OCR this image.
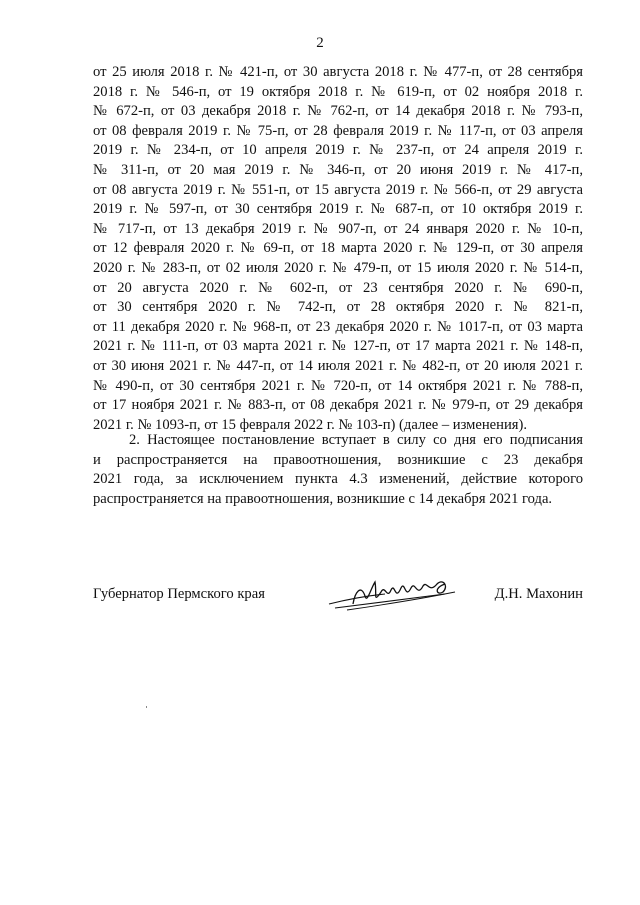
2
от 25 июля 2018 г. № 421-п, от 30 августа 2018 г. № 477-п, от 28 сентября
2018 г. № 546-п, от 19 октября 2018 г. № 619-п, от 02 ноября 2018 г.
№ 672-п, от 03 декабря 2018 г. № 762-п, от 14 декабря 2018 г. № 793-п,
от 08 февраля 2019 г. № 75-п, от 28 февраля 2019 г. № 117-п, от 03 апреля
2019 г. № 234-п, от 10 апреля 2019 г. № 237-п, от 24 апреля 2019 г.
№ 311-п, от 20 мая 2019 г. № 346-п, от 20 июня 2019 г. № 417-п,
от 08 августа 2019 г. № 551-п, от 15 августа 2019 г. № 566-п, от 29 августа
2019 г. № 597-п, от 30 сентября 2019 г. № 687-п, от 10 октября 2019 г.
№ 717-п, от 13 декабря 2019 г. № 907-п, от 24 января 2020 г. № 10-п,
от 12 февраля 2020 г. № 69-п, от 18 марта 2020 г. № 129-п, от 30 апреля
2020 г. № 283-п, от 02 июля 2020 г. № 479-п, от 15 июля 2020 г. № 514-п,
от 20 августа 2020 г. № 602-п, от 23 сентября 2020 г. № 690-п,
от 30 сентября 2020 г. № 742-п, от 28 октября 2020 г. № 821-п,
от 11 декабря 2020 г. № 968-п, от 23 декабря 2020 г. № 1017-п, от 03 марта
2021 г. № 111-п, от 03 марта 2021 г. № 127-п, от 17 марта 2021 г. № 148-п,
от 30 июня 2021 г. № 447-п, от 14 июля 2021 г. № 482-п, от 20 июля 2021 г.
№ 490-п, от 30 сентября 2021 г. № 720-п, от 14 октября 2021 г. № 788-п,
от 17 ноября 2021 г. № 883-п, от 08 декабря 2021 г. № 979-п, от 29 декабря
2021 г. № 1093-п, от 15 февраля 2022 г. № 103-п) (далее – изменения).
2. Настоящее постановление вступает в силу со дня его подписания
и распространяется на правоотношения, возникшие с 23 декабря
2021 года, за исключением пункта 4.3 изменений, действие которого
распространяется на правоотношения, возникшие с 14 декабря 2021 года.
Губернатор Пермского края	Д.Н. Махонин
